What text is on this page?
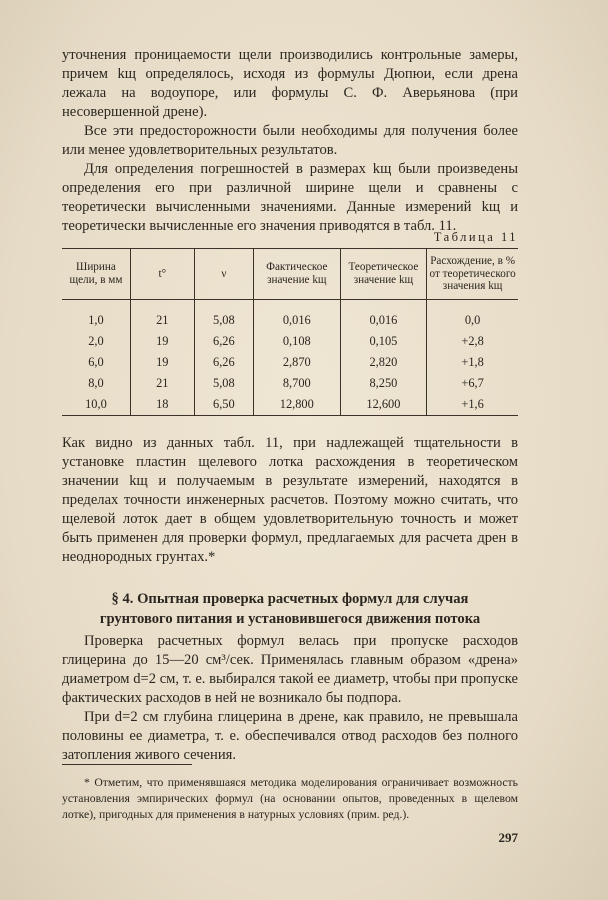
уточнения проницаемости щели производились контрольные замеры, причем kщ определялось, исходя из формулы Дюпюи, если дрена лежала на водоупоре, или формулы С. Ф. Аверьянова (при несовершенной дрене).

Все эти предосторожности были необходимы для получения более или менее удовлетворительных результатов.

Для определения погрешностей в размерах kщ были произведены определения его при различной ширине щели и сравнены с теоретически вычисленными значениями. Данные измерений kщ и теоретически вычисленные его значения приводятся в табл. 11.

Таблица 11
Ширина щели, в мм	t°	ν	Фактическое значение kщ	Теоретическое значение kщ	Расхождение, в % от теоретического значения kщ
1,0	21	5,08	0,016	0,016	0,0
2,0	19	6,26	0,108	0,105	+2,8
6,0	19	6,26	2,870	2,820	+1,8
8,0	21	5,08	8,700	8,250	+6,7
10,0	18	6,50	12,800	12,600	+1,6

Как видно из данных табл. 11, при надлежащей тщательности в установке пластин щелевого лотка расхождения в теоретическом значении kщ и получаемым в результате измерений, находятся в пределах точности инженерных расчетов. Поэтому можно считать, что щелевой лоток дает в общем удовлетворительную точность и может быть применен для проверки формул, предлагаемых для расчета дрен в неоднородных грунтах.*

§ 4. Опытная проверка расчетных формул для случая
грунтового питания и установившегося движения потока

Проверка расчетных формул велась при пропуске расходов глицерина до 15—20 см³/сек. Применялась главным образом «дрена» диаметром d=2 см, т. е. выбирался такой ее диаметр, чтобы при пропуске фактических расходов в ней не возникало бы подпора.

При d=2 см глубина глицерина в дрене, как правило, не превышала половины ее диаметра, т. е. обеспечивался отвод расходов без полного затопления живого сечения.

* Отметим, что применявшаяся методика моделирования ограничивает возможность установления эмпирических формул (на основании опытов, проведенных в щелевом лотке), пригодных для применения в натурных условиях (прим. ред.).

297
